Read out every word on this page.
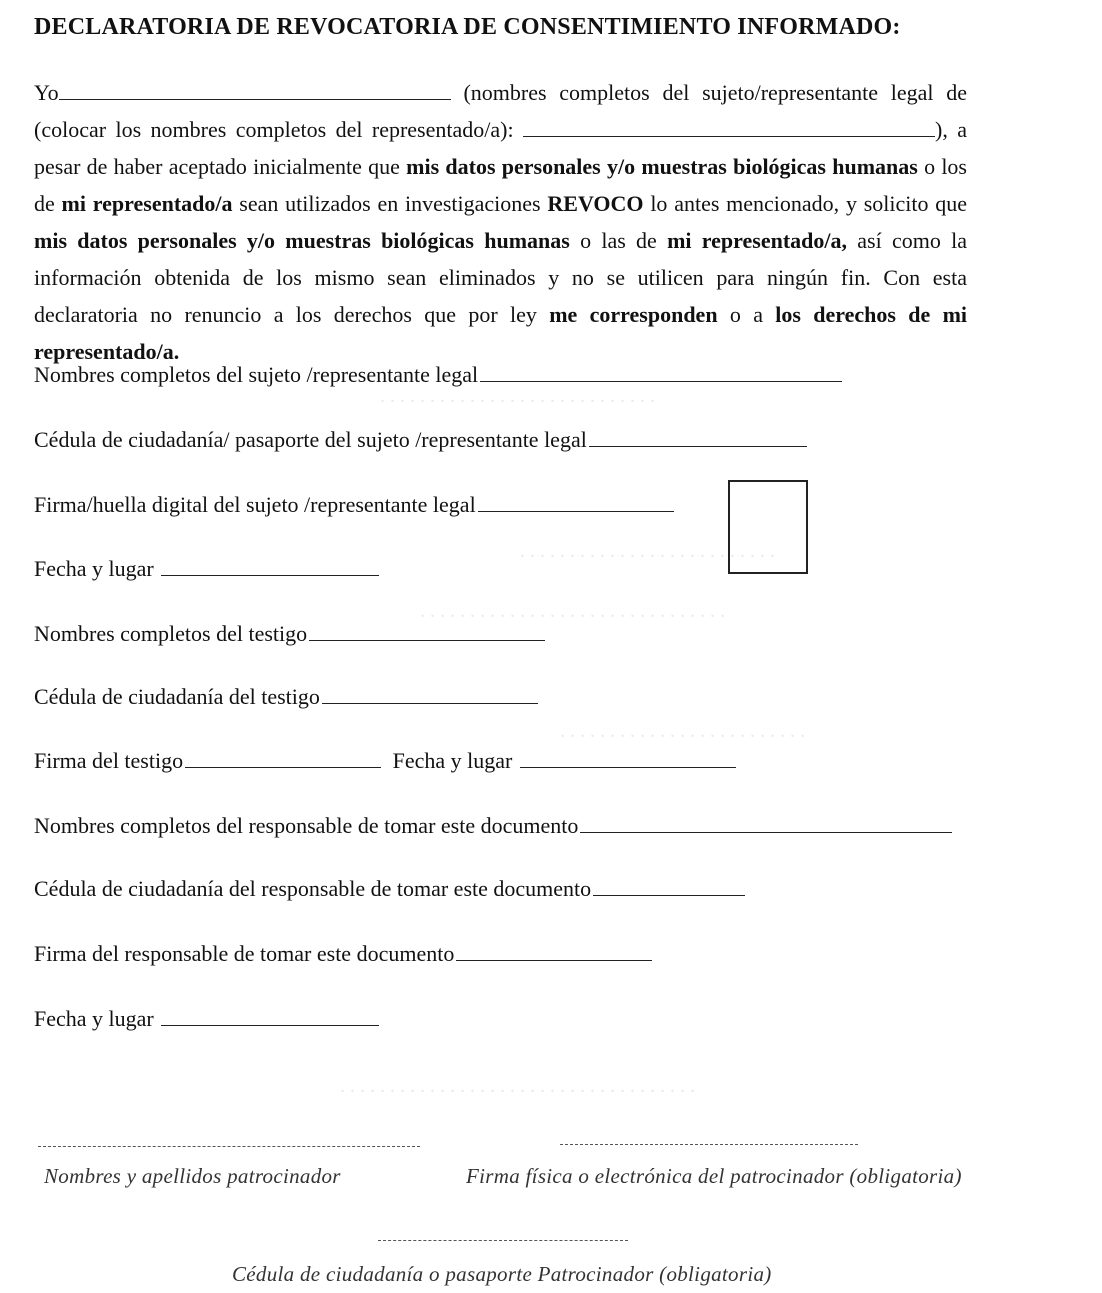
. . . . . . . . . . . . . . . . . . . . . . . . . . . .
. . . . . . . . . . . . . . . . . . . . . . . . . .
. . . . . . . . . . . . . . . . . . . . . . . . . . . . . . .
. . . . . . . . . . . . . . . . . . . . . . . . .
. . . . . . . . . . . . . . . . . . . . . . . . . . . . . . . . . . . .
DECLARATORIA DE REVOCATORIA DE CONSENTIMIENTO INFORMADO:
Yo	(nombres completos del sujeto/representante legal de (colocar los nombres completos del representado/a):	), a pesar de haber aceptado inicialmente que mis datos personales y/o muestras biológicas humanas o los de mi representado/a sean utilizados en investigaciones REVOCO lo antes mencionado, y solicito que mis datos personales y/o muestras biológicas humanas o las de mi representado/a, así como la información obtenida de los mismo sean eliminados y no se utilicen para ningún fin. Con esta declaratoria no renuncio a los derechos que por ley me corresponden o a los derechos de mi representado/a.
Nombres completos del sujeto /representante legal
Cédula de ciudadanía/ pasaporte del sujeto /representante legal
Firma/huella digital del sujeto /representante legal
Fecha y lugar
Nombres completos del testigo
Cédula de ciudadanía del testigo
Firma del testigo	Fecha y lugar
Nombres completos del responsable de tomar este documento
Cédula de ciudadanía del responsable de tomar este documento
Firma del responsable de tomar este documento
Fecha y lugar
Nombres y apellidos patrocinador	Firma física o electrónica del patrocinador (obligatoria)
Cédula de ciudadanía o pasaporte Patrocinador (obligatoria)
